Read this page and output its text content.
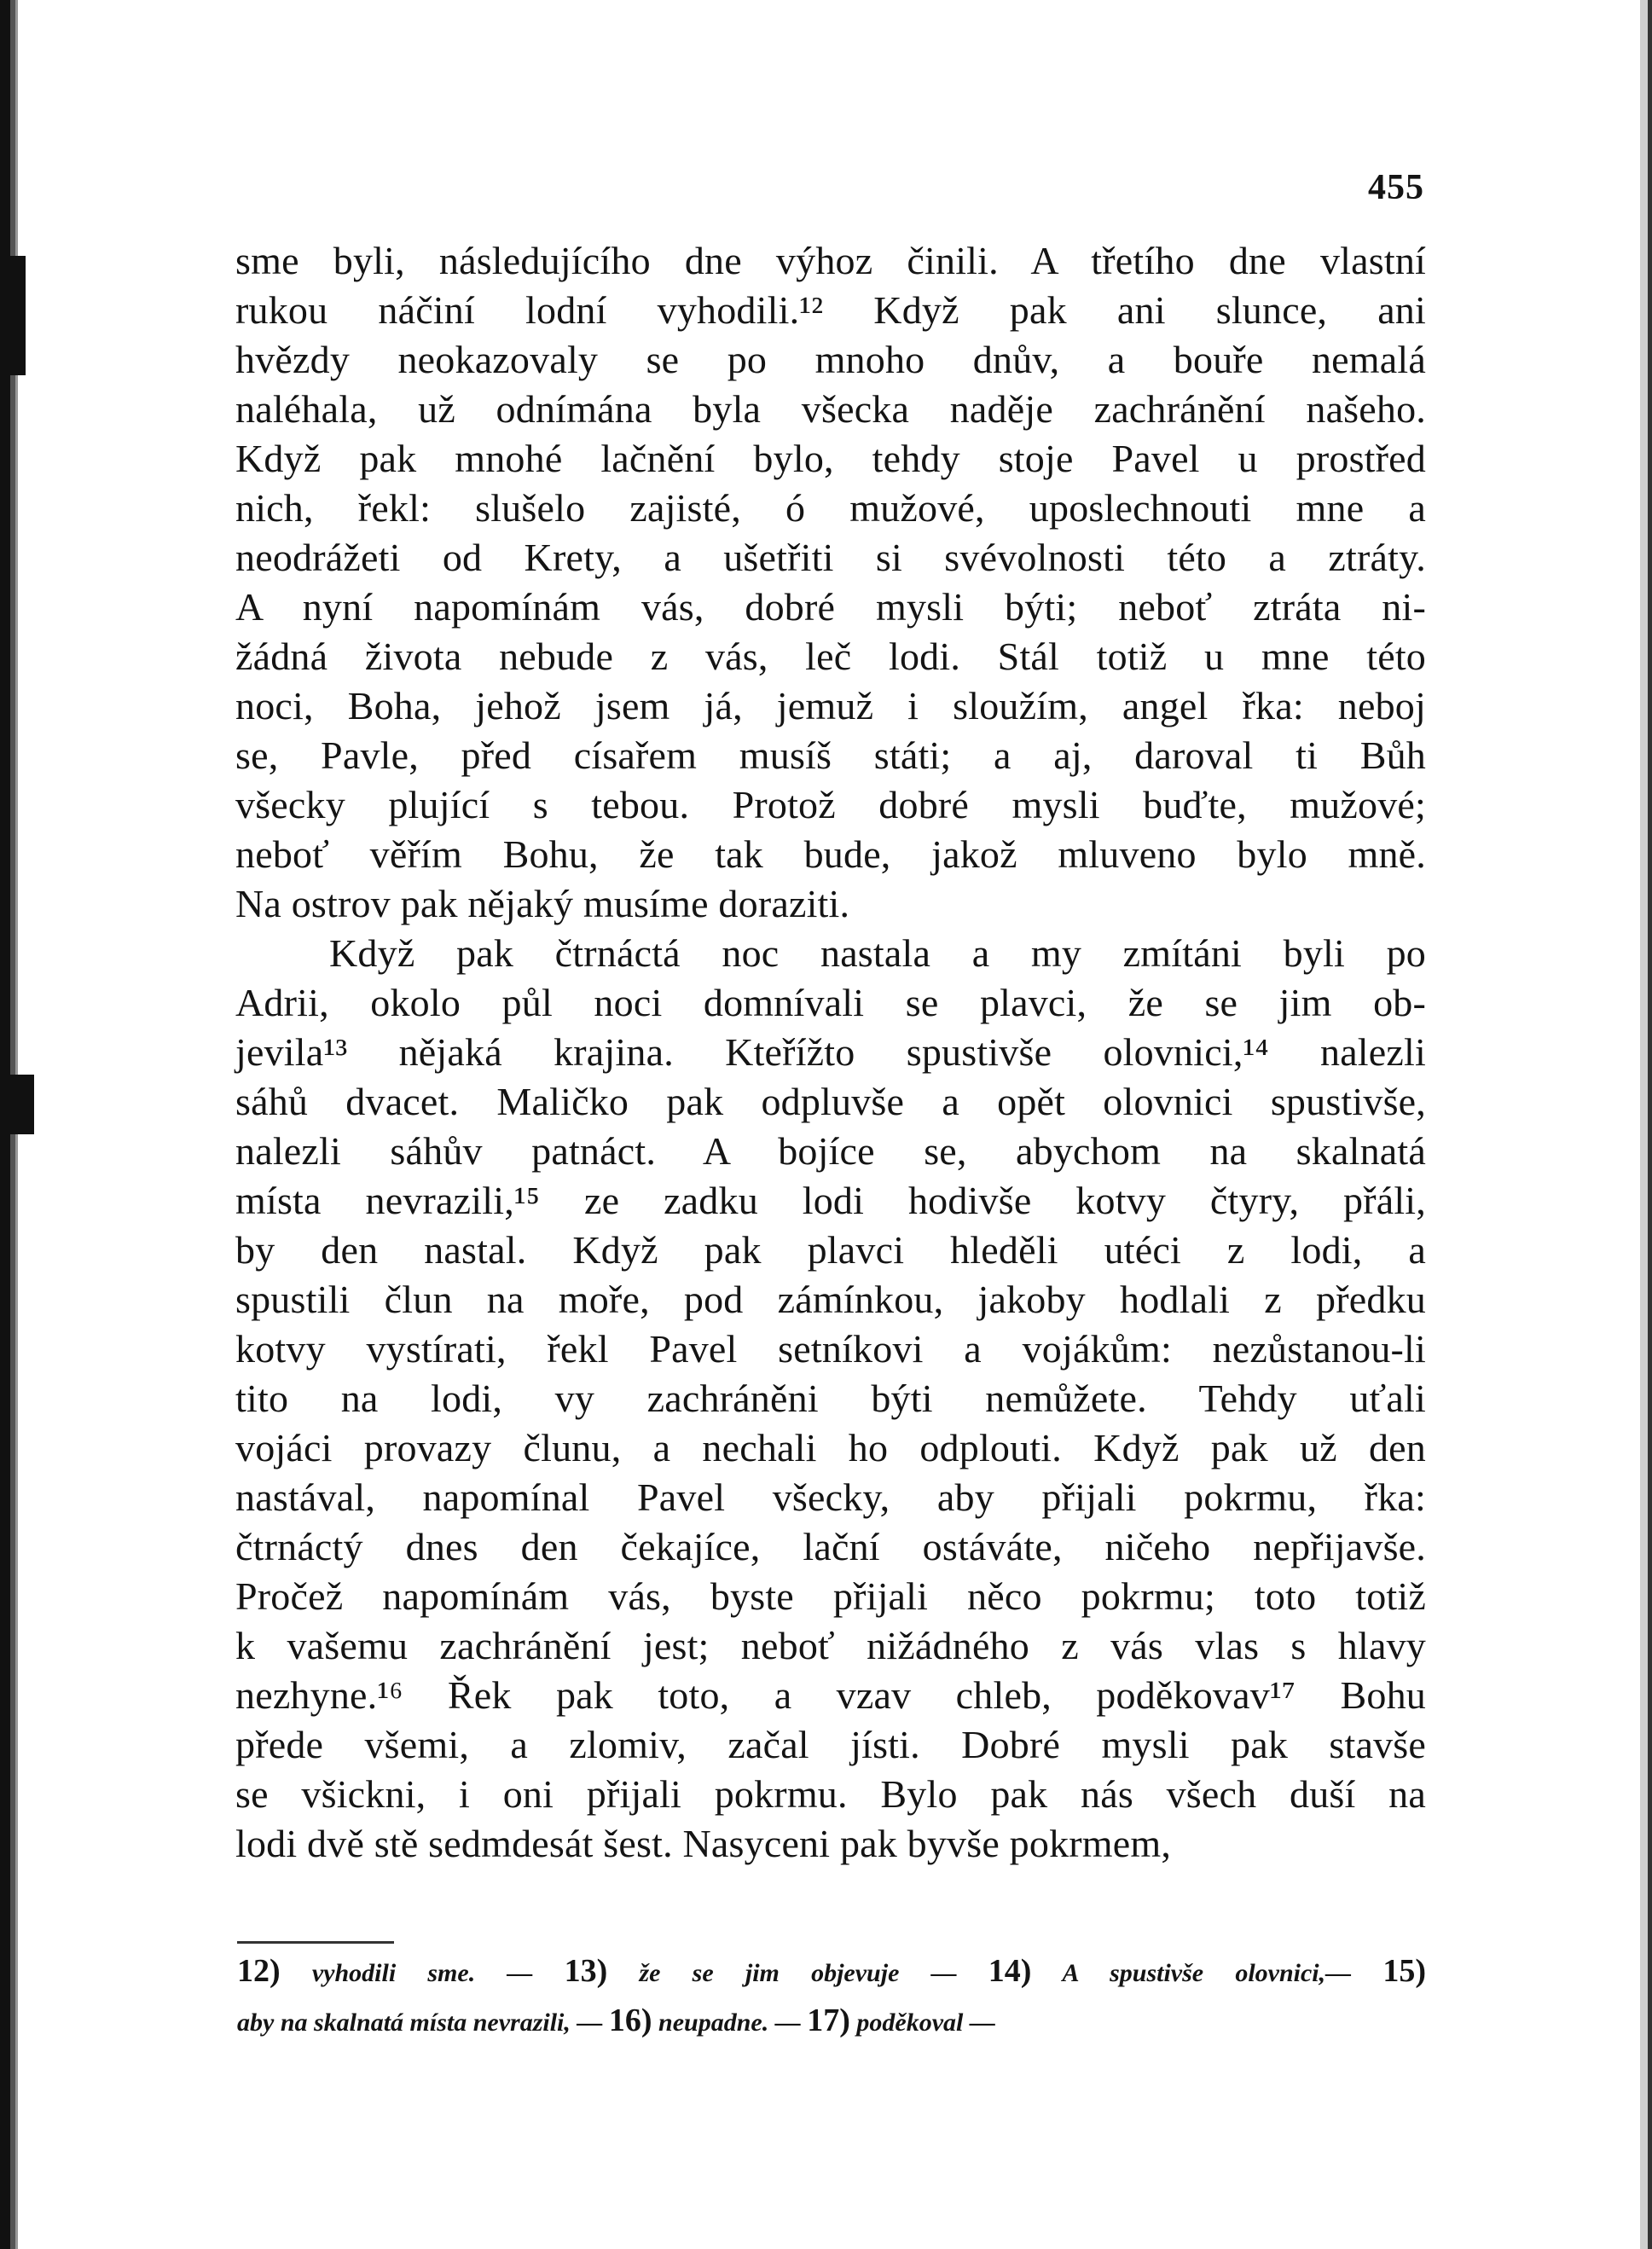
455
sme byli, následujícího dne výhoz činili. A třetího dne vlastní
rukou náčiní lodní vyhodili.¹² Když pak ani slunce, ani
hvězdy neokazovaly se po mnoho dnův, a bouře nemalá
naléhala, už odnímána byla všecka naděje zachránění našeho.
Když pak mnohé lačnění bylo, tehdy stoje Pavel u prostřed
nich, řekl: slušelo zajisté, ó mužové, uposlechnouti mne a
neodrážeti od Krety, a ušetřiti si svévolnosti této a ztráty.
A nyní napomínám vás, dobré mysli býti; neboť ztráta ni-
žádná života nebude z vás, leč lodi. Stál totiž u mne této
noci, Boha, jehož jsem já, jemuž i sloužím, angel řka: neboj
se, Pavle, před císařem musíš státi; a aj, daroval ti Bůh
všecky plující s tebou. Protož dobré mysli buďte, mužové;
neboť věřím Bohu, že tak bude, jakož mluveno bylo mně.
Na ostrov pak nějaký musíme doraziti.
Když pak čtrnáctá noc nastala a my zmítáni byli po
Adrii, okolo půl noci domnívali se plavci, že se jim ob-
jevila¹³ nějaká krajina. Kteřížto spustivše olovnici,¹⁴ nalezli
sáhů dvacet. Maličko pak odpluvše a opět olovnici spustivše,
nalezli sáhův patnáct. A bojíce se, abychom na skalnatá
místa nevrazili,¹⁵ ze zadku lodi hodivše kotvy čtyry, přáli,
by den nastal. Když pak plavci hleděli utéci z lodi, a
spustili člun na moře, pod zámínkou, jakoby hodlali z předku
kotvy vystírati, řekl Pavel setníkovi a vojákům: nezůstanou-li
tito na lodi, vy zachráněni býti nemůžete. Tehdy uťali
vojáci provazy člunu, a nechali ho odplouti. Když pak už den
nastával, napomínal Pavel všecky, aby přijali pokrmu, řka:
čtrnáctý dnes den čekajíce, lační ostáváte, ničeho nepřijavše.
Pročež napomínám vás, byste přijali něco pokrmu; toto totiž
k vašemu zachránění jest; neboť nižádného z vás vlas s hlavy
nezhyne.¹⁶ Řek pak toto, a vzav chleb, poděkovav¹⁷ Bohu
přede všemi, a zlomiv, začal jísti. Dobré mysli pak stavše
se všickni, i oni přijali pokrmu. Bylo pak nás všech duší na
lodi dvě stě sedmdesát šest. Nasyceni pak byvše pokrmem,
12) vyhodili sme. — 13) že se jim objevuje — 14) A spustivše olovnici,— 15)
aby na skalnatá místa nevrazili, — 16) neupadne. — 17) poděkoval —
